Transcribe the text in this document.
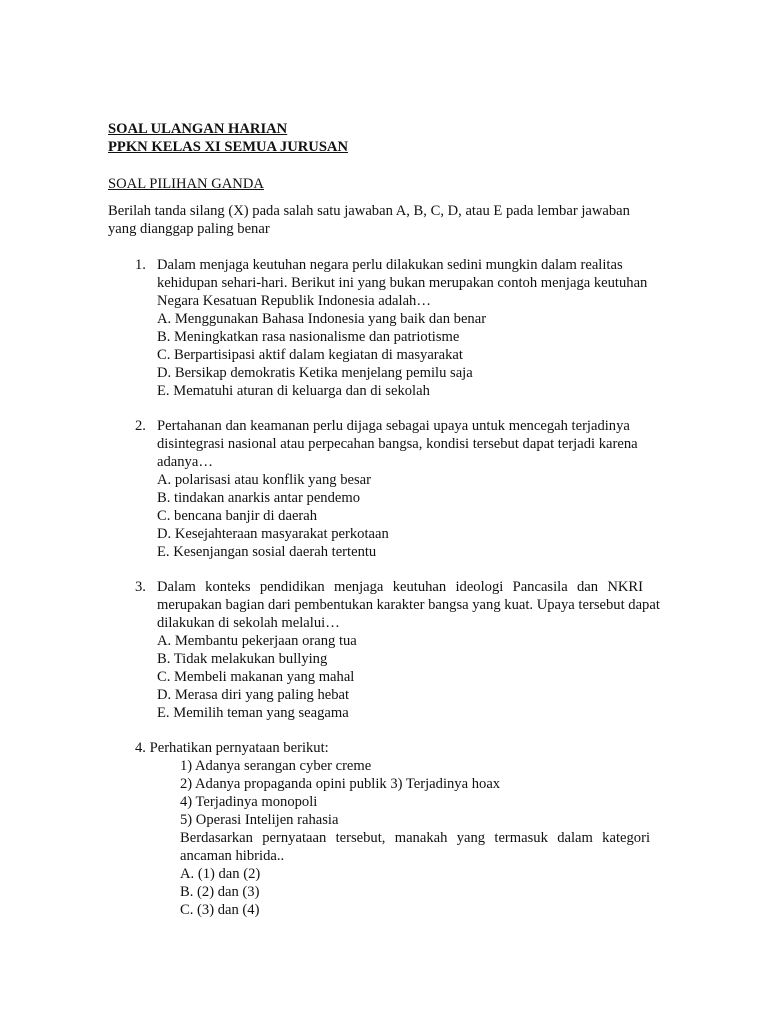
SOAL ULANGAN HARIAN
PPKN KELAS XI SEMUA JURUSAN
SOAL PILIHAN GANDA
Berilah tanda silang (X) pada salah satu jawaban A, B, C, D, atau E pada lembar jawaban
yang dianggap paling benar
1. Dalam menjaga keutuhan negara perlu dilakukan sedini mungkin dalam realitas
kehidupan sehari-hari. Berikut ini yang bukan merupakan contoh menjaga keutuhan
Negara Kesatuan Republik Indonesia adalah…
A. Menggunakan Bahasa Indonesia yang baik dan benar
B. Meningkatkan rasa nasionalisme dan patriotisme
C. Berpartisipasi aktif dalam kegiatan di masyarakat
D. Bersikap demokratis Ketika menjelang pemilu saja
E. Mematuhi aturan di keluarga dan di sekolah
2. Pertahanan dan keamanan perlu dijaga sebagai upaya untuk mencegah terjadinya
disintegrasi nasional atau perpecahan bangsa, kondisi tersebut dapat terjadi karena
adanya…
A. polarisasi atau konflik yang besar
B. tindakan anarkis antar pendemo
C. bencana banjir di daerah
D. Kesejahteraan masyarakat perkotaan
E. Kesenjangan sosial daerah tertentu
3. Dalam konteks pendidikan menjaga keutuhan ideologi Pancasila dan NKRI
merupakan bagian dari pembentukan karakter bangsa yang kuat. Upaya tersebut dapat
dilakukan di sekolah melalui…
A. Membantu pekerjaan orang tua
B. Tidak melakukan bullying
C. Membeli makanan yang mahal
D. Merasa diri yang paling hebat
E. Memilih teman yang seagama
4. Perhatikan pernyataan berikut:
1) Adanya serangan cyber creme
2) Adanya propaganda opini publik 3) Terjadinya hoax
4) Terjadinya monopoli
5) Operasi Intelijen rahasia
Berdasarkan pernyataan tersebut, manakah yang termasuk dalam kategori
ancaman hibrida..
A. (1) dan (2)
B. (2) dan (3)
C. (3) dan (4)
